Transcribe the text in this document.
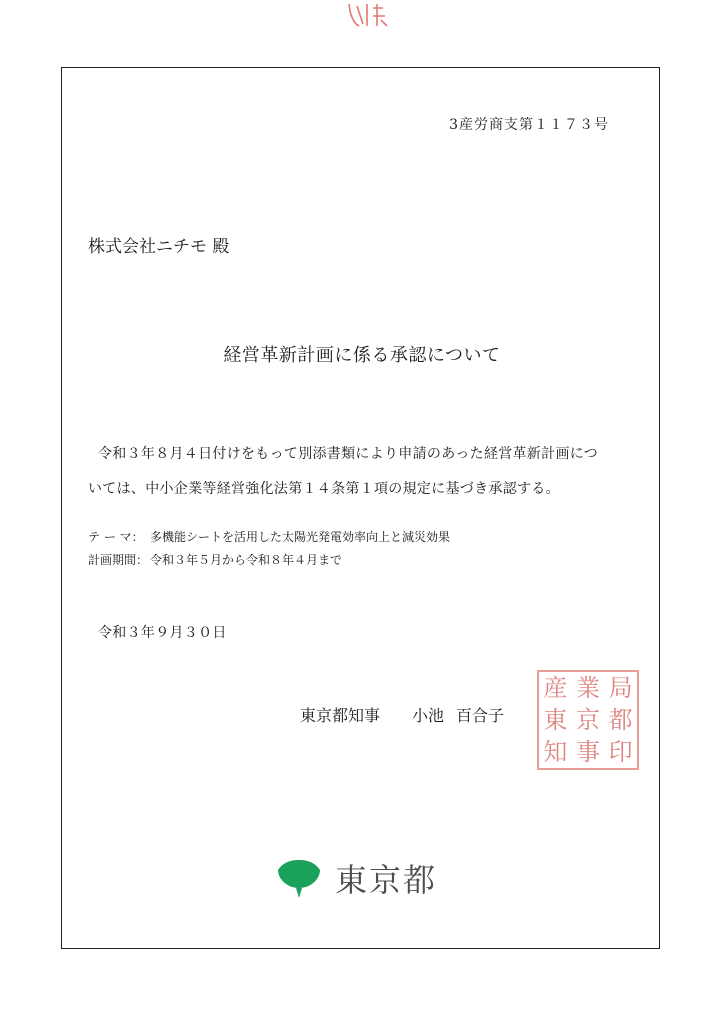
3産労商支第１１７３号
株式会社ニチモ 殿
経営革新計画に係る承認について
令和３年８月４日付けをもって別添書類により申請のあった経営革新計画につ
いては、中小企業等経営強化法第１４条第１項の規定に基づき承認する。
テ ー マ： 多機能シートを活用した太陽光発電効率向上と減災効果
計画期間： 令和３年５月から令和８年４月まで
令和３年９月３０日
東京都知事 小池 百合子
産 業 局
東 京 都
知 事 印
東京都
